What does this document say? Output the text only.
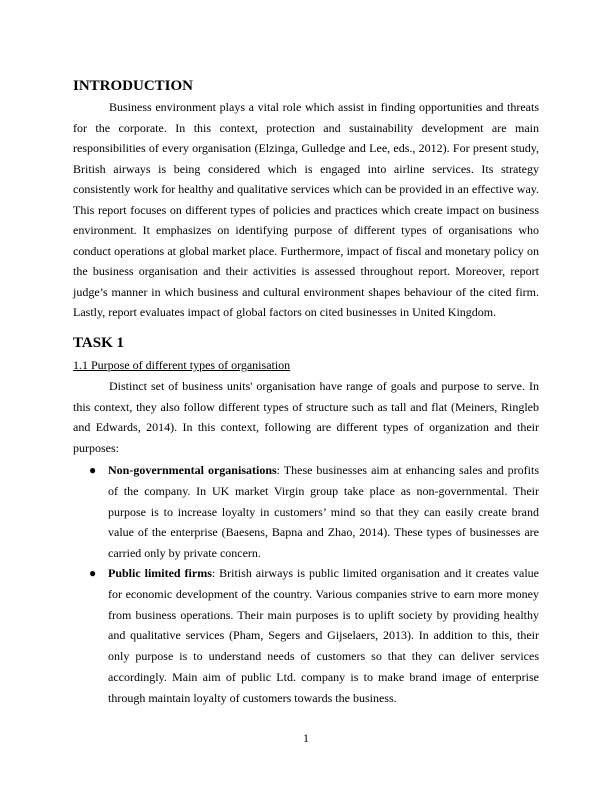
INTRODUCTION

Business environment plays a vital role which assist in finding opportunities and threats for the corporate. In this context, protection and sustainability development are main responsibilities of every organisation (Elzinga, Gulledge and Lee, eds., 2012). For present study, British airways is being considered which is engaged into airline services. Its strategy consistently work for healthy and qualitative services which can be provided in an effective way. This report focuses on different types of policies and practices which create impact on business environment. It emphasizes on identifying purpose of different types of organisations who conduct operations at global market place. Furthermore, impact of fiscal and monetary policy on the business organisation and their activities is assessed throughout report. Moreover, report judge’s manner in which business and cultural environment shapes behaviour of the cited firm. Lastly, report evaluates impact of global factors on cited businesses in United Kingdom.

TASK 1

1.1 Purpose of different types of organisation

Distinct set of business units' organisation have range of goals and purpose to serve. In this context, they also follow different types of structure such as tall and flat (Meiners, Ringleb and Edwards, 2014). In this context, following are different types of organization and their purposes:

● Non-governmental organisations: These businesses aim at enhancing sales and profits of the company. In UK market Virgin group take place as non-governmental. Their purpose is to increase loyalty in customers’ mind so that they can easily create brand value of the enterprise (Baesens, Bapna and Zhao, 2014). These types of businesses are carried only by private concern.
● Public limited firms: British airways is public limited organisation and it creates value for economic development of the country. Various companies strive to earn more money from business operations. Their main purposes is to uplift society by providing healthy and qualitative services (Pham, Segers and Gijselaers, 2013). In addition to this, their only purpose is to understand needs of customers so that they can deliver services accordingly. Main aim of public Ltd. company is to make brand image of enterprise through maintain loyalty of customers towards the business.

1
